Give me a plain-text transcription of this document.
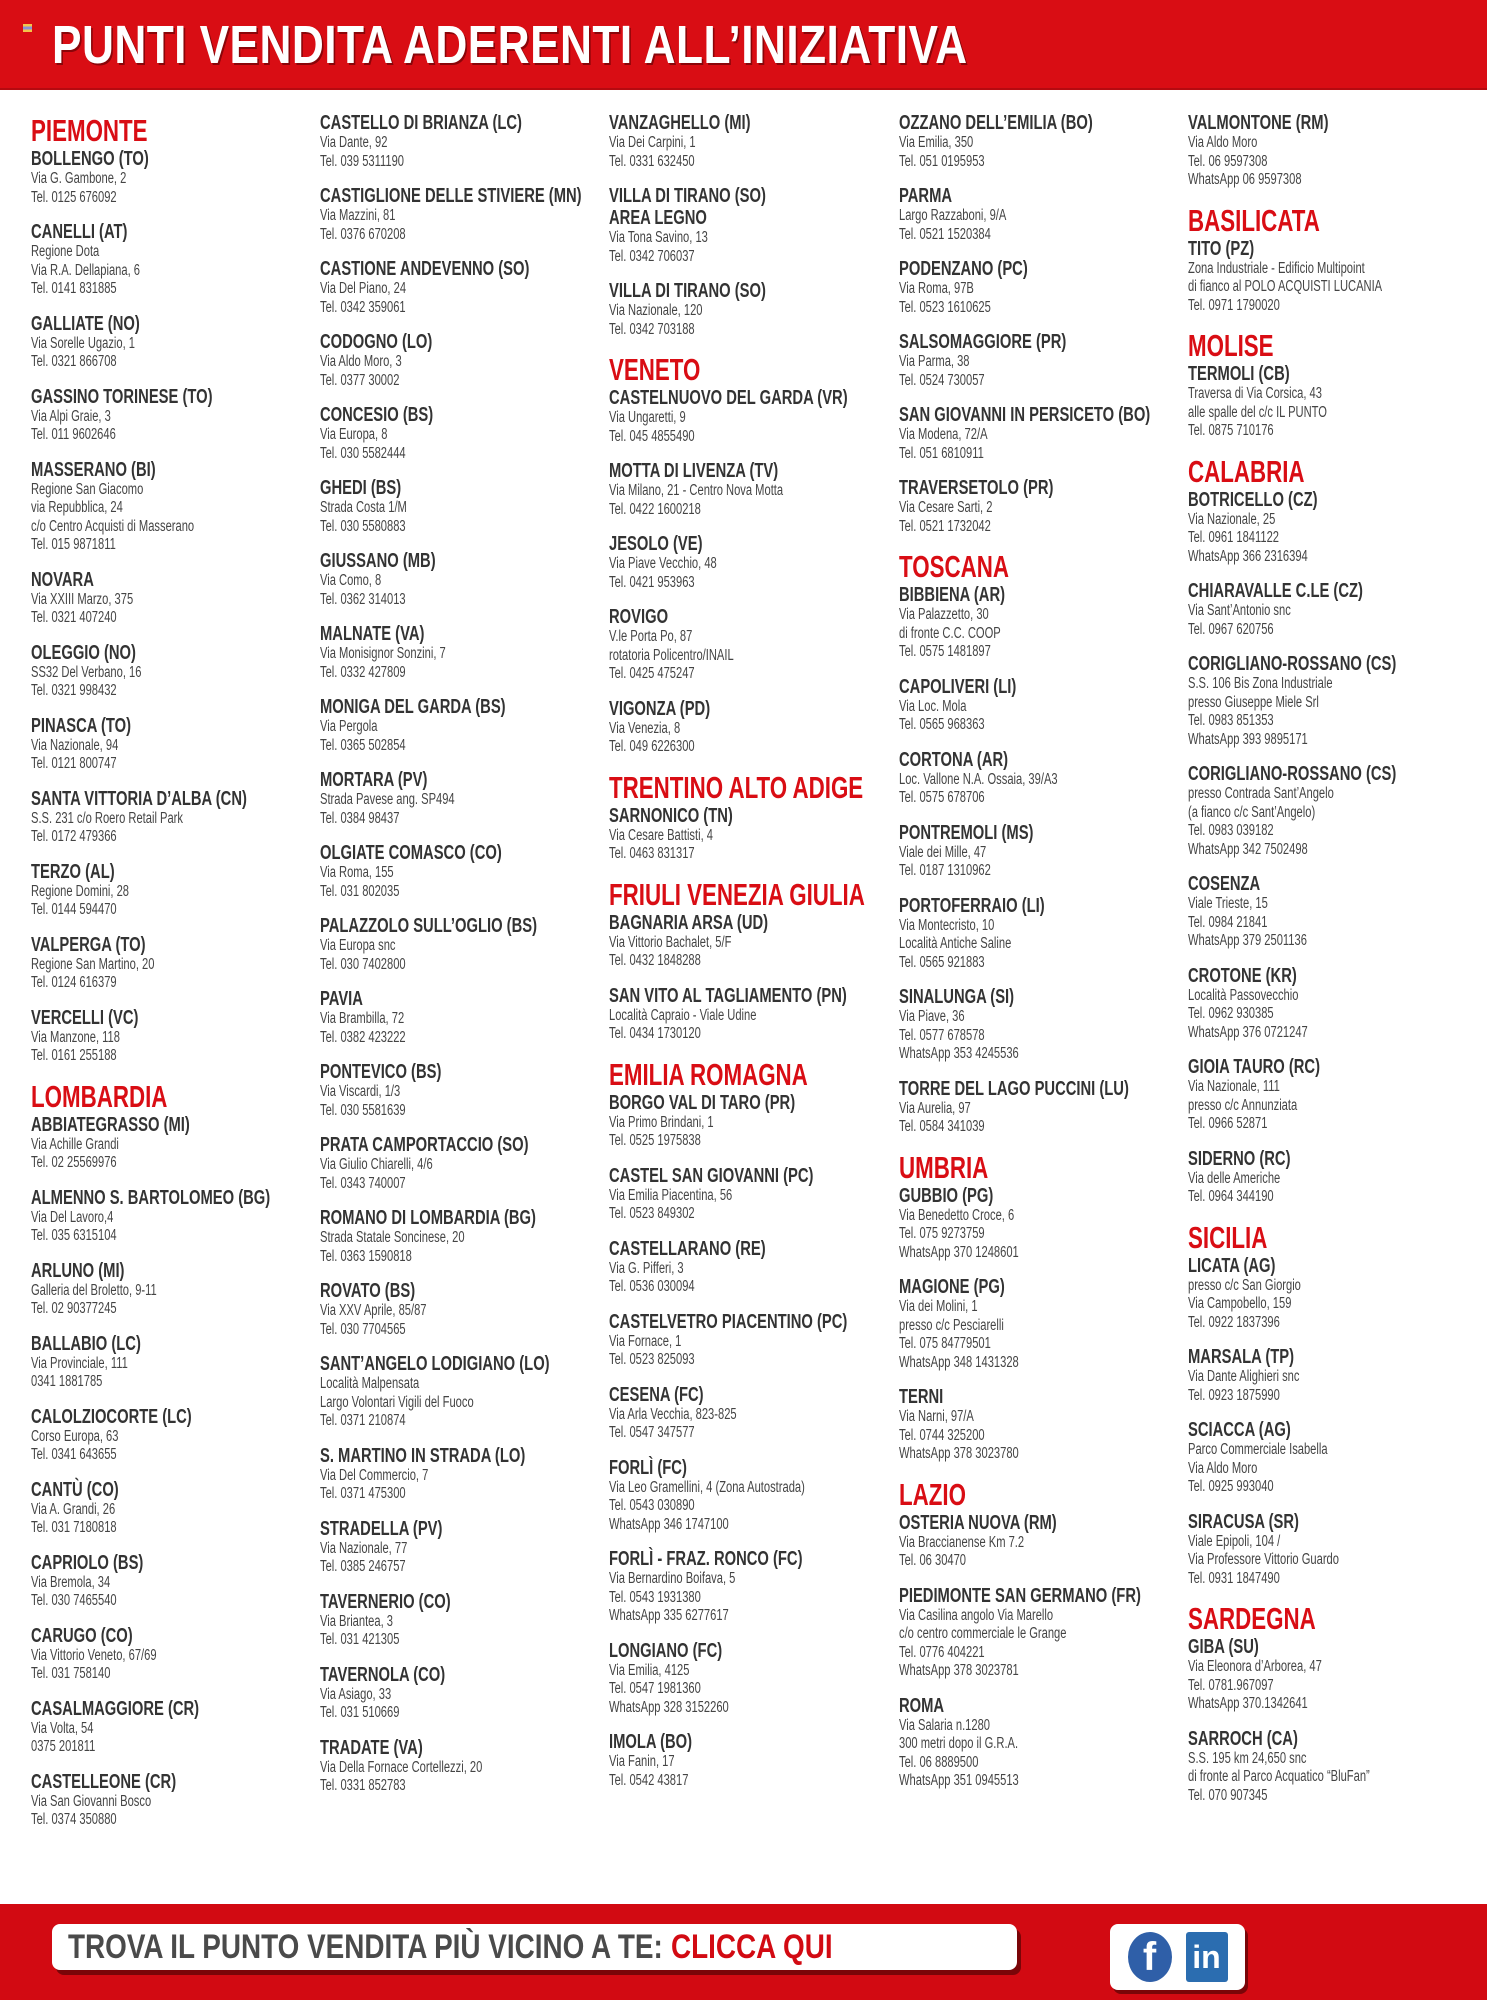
PUNTI VENDITA ADERENTI ALL’INIZIATIVA
PIEMONTE
BOLLENGO (TO)
Via G. Gambone, 2
Tel. 0125 676092
CANELLI (AT)
Regione Dota
Via R.A. Dellapiana, 6
Tel. 0141 831885
GALLIATE (NO)
Via Sorelle Ugazio, 1
Tel. 0321 866708
GASSINO TORINESE (TO)
Via Alpi Graie, 3
Tel. 011 9602646
MASSERANO (BI)
Regione San Giacomo
via Repubblica, 24
c/o Centro Acquisti di Masserano
Tel. 015 9871811
NOVARA
Via XXIII Marzo, 375
Tel. 0321 407240
OLEGGIO (NO)
SS32 Del Verbano, 16
Tel. 0321 998432
PINASCA (TO)
Via Nazionale, 94
Tel. 0121 800747
SANTA VITTORIA D’ALBA (CN)
S.S. 231 c/o Roero Retail Park
Tel. 0172 479366
TERZO (AL)
Regione Domini, 28
Tel. 0144 594470
VALPERGA (TO)
Regione San Martino, 20
Tel. 0124 616379
VERCELLI (VC)
Via Manzone, 118
Tel. 0161 255188
LOMBARDIA
ABBIATEGRASSO (MI)
Via Achille Grandi
Tel. 02 25569976
ALMENNO S. BARTOLOMEO (BG)
Via Del Lavoro,4
Tel. 035 6315104
ARLUNO (MI)
Galleria del Broletto, 9-11
Tel. 02 90377245
BALLABIO (LC)
Via Provinciale, 111
0341 1881785
CALOLZIOCORTE (LC)
Corso Europa, 63
Tel. 0341 643655
CANTÙ (CO)
Via A. Grandi, 26
Tel. 031 7180818
CAPRIOLO (BS)
Via Bremola, 34
Tel. 030 7465540
CARUGO (CO)
Via Vittorio Veneto, 67/69
Tel. 031 758140
CASALMAGGIORE (CR)
Via Volta, 54
0375 201811
CASTELLEONE (CR)
Via San Giovanni Bosco
Tel. 0374 350880
CASTELLO DI BRIANZA (LC)
Via Dante, 92
Tel. 039 5311190
CASTIGLIONE DELLE STIVIERE (MN)
Via Mazzini, 81
Tel. 0376 670208
CASTIONE ANDEVENNO (SO)
Via Del Piano, 24
Tel. 0342 359061
CODOGNO (LO)
Via Aldo Moro, 3
Tel. 0377 30002
CONCESIO (BS)
Via Europa, 8
Tel. 030 5582444
GHEDI (BS)
Strada Costa 1/M
Tel. 030 5580883
GIUSSANO (MB)
Via Como, 8
Tel. 0362 314013
MALNATE (VA)
Via Monisignor Sonzini, 7
Tel. 0332 427809
MONIGA DEL GARDA (BS)
Via Pergola
Tel. 0365 502854
MORTARA (PV)
Strada Pavese ang. SP494
Tel. 0384 98437
OLGIATE COMASCO (CO)
Via Roma, 155
Tel. 031 802035
PALAZZOLO SULL’OGLIO (BS)
Via Europa snc
Tel. 030 7402800
PAVIA
Via Brambilla, 72
Tel. 0382 423222
PONTEVICO (BS)
Via Viscardi, 1/3
Tel. 030 5581639
PRATA CAMPORTACCIO (SO)
Via Giulio Chiarelli, 4/6
Tel. 0343 740007
ROMANO DI LOMBARDIA (BG)
Strada Statale Soncinese, 20
Tel. 0363 1590818
ROVATO (BS)
Via XXV Aprile, 85/87
Tel. 030 7704565
SANT’ANGELO LODIGIANO (LO)
Località Malpensata
Largo Volontari Vigili del Fuoco
Tel. 0371 210874
S. MARTINO IN STRADA (LO)
Via Del Commercio, 7
Tel. 0371 475300
STRADELLA (PV)
Via Nazionale, 77
Tel. 0385 246757
TAVERNERIO (CO)
Via Briantea, 3
Tel. 031 421305
TAVERNOLA (CO)
Via Asiago, 33
Tel. 031 510669
TRADATE (VA)
Via Della Fornace Cortellezzi, 20
Tel. 0331 852783
VANZAGHELLO (MI)
Via Dei Carpini, 1
Tel. 0331 632450
VILLA DI TIRANO (SO)
AREA LEGNO
Via Tona Savino, 13
Tel. 0342 706037
VILLA DI TIRANO (SO)
Via Nazionale, 120
Tel. 0342 703188
VENETO
CASTELNUOVO DEL GARDA (VR)
Via Ungaretti, 9
Tel. 045 4855490
MOTTA DI LIVENZA (TV)
Via Milano, 21 - Centro Nova Motta
Tel. 0422 1600218
JESOLO (VE)
Via Piave Vecchio, 48
Tel. 0421 953963
ROVIGO
V.le Porta Po, 87
rotatoria Policentro/INAIL
Tel. 0425 475247
VIGONZA (PD)
Via Venezia, 8
Tel. 049 6226300
TRENTINO ALTO ADIGE
SARNONICO (TN)
Via Cesare Battisti, 4
Tel. 0463 831317
FRIULI VENEZIA GIULIA
BAGNARIA ARSA (UD)
Via Vittorio Bachalet, 5/F
Tel. 0432 1848288
SAN VITO AL TAGLIAMENTO (PN)
Località Capraio - Viale Udine
Tel. 0434 1730120
EMILIA ROMAGNA
BORGO VAL DI TARO (PR)
Via Primo Brindani, 1
Tel. 0525 1975838
CASTEL SAN GIOVANNI (PC)
Via Emilia Piacentina, 56
Tel. 0523 849302
CASTELLARANO (RE)
Via G. Pifferi, 3
Tel. 0536 030094
CASTELVETRO PIACENTINO (PC)
Via Fornace, 1
Tel. 0523 825093
CESENA (FC)
Via Arla Vecchia, 823-825
Tel. 0547 347577
FORLÌ (FC)
Via Leo Gramellini, 4 (Zona Autostrada)
Tel. 0543 030890
WhatsApp 346 1747100
FORLÌ - FRAZ. RONCO (FC)
Via Bernardino Boifava, 5
Tel. 0543 1931380
WhatsApp 335 6277617
LONGIANO (FC)
Via Emilia, 4125
Tel. 0547 1981360
WhatsApp 328 3152260
IMOLA (BO)
Via Fanin, 17
Tel. 0542 43817
OZZANO DELL’EMILIA (BO)
Via Emilia, 350
Tel. 051 0195953
PARMA
Largo Razzaboni, 9/A
Tel. 0521 1520384
PODENZANO (PC)
Via Roma, 97B
Tel. 0523 1610625
SALSOMAGGIORE (PR)
Via Parma, 38
Tel. 0524 730057
SAN GIOVANNI IN PERSICETO (BO)
Via Modena, 72/A
Tel. 051 6810911
TRAVERSETOLO (PR)
Via Cesare Sarti, 2
Tel. 0521 1732042
TOSCANA
BIBBIENA (AR)
Via Palazzetto, 30
di fronte C.C. COOP
Tel. 0575 1481897
CAPOLIVERI (LI)
Via Loc. Mola
Tel. 0565 968363
CORTONA (AR)
Loc. Vallone N.A. Ossaia, 39/A3
Tel. 0575 678706
PONTREMOLI (MS)
Viale dei Mille, 47
Tel. 0187 1310962
PORTOFERRAIO (LI)
Via Montecristo, 10
Località Antiche Saline
Tel. 0565 921883
SINALUNGA (SI)
Via Piave, 36
Tel. 0577 678578
WhatsApp 353 4245536
TORRE DEL LAGO PUCCINI (LU)
Via Aurelia, 97
Tel. 0584 341039
UMBRIA
GUBBIO (PG)
Via Benedetto Croce, 6
Tel. 075 9273759
WhatsApp 370 1248601
MAGIONE (PG)
Via dei Molini, 1
presso c/c Pesciarelli
Tel. 075 84779501
WhatsApp 348 1431328
TERNI
Via Narni, 97/A
Tel. 0744 325200
WhatsApp 378 3023780
LAZIO
OSTERIA NUOVA (RM)
Via Braccianense Km 7.2
Tel. 06 30470
PIEDIMONTE SAN GERMANO (FR)
Via Casilina angolo Via Marello
c/o centro commerciale le Grange
Tel. 0776 404221
WhatsApp 378 3023781
ROMA
Via Salaria n.1280
300 metri dopo il G.R.A.
Tel. 06 8889500
WhatsApp 351 0945513
VALMONTONE (RM)
Via Aldo Moro
Tel. 06 9597308
WhatsApp 06 9597308
BASILICATA
TITO (PZ)
Zona Industriale - Edificio Multipoint
di fianco al POLO ACQUISTI LUCANIA
Tel. 0971 1790020
MOLISE
TERMOLI (CB)
Traversa di Via Corsica, 43
alle spalle del c/c IL PUNTO
Tel. 0875 710176
CALABRIA
BOTRICELLO (CZ)
Via Nazionale, 25
Tel. 0961 1841122
WhatsApp 366 2316394
CHIARAVALLE C.LE (CZ)
Via Sant’Antonio snc
Tel. 0967 620756
CORIGLIANO-ROSSANO (CS)
S.S. 106 Bis Zona Industriale
presso Giuseppe Miele Srl
Tel. 0983 851353
WhatsApp 393 9895171
CORIGLIANO-ROSSANO (CS)
presso Contrada Sant’Angelo
(a fianco c/c Sant’Angelo)
Tel. 0983 039182
WhatsApp 342 7502498
COSENZA
Viale Trieste, 15
Tel. 0984 21841
WhatsApp 379 2501136
CROTONE (KR)
Località Passovecchio
Tel. 0962 930385
WhatsApp 376 0721247
GIOIA TAURO (RC)
Via Nazionale, 111
presso c/c Annunziata
Tel. 0966 52871
SIDERNO (RC)
Via delle Americhe
Tel. 0964 344190
SICILIA
LICATA (AG)
presso c/c San Giorgio
Via Campobello, 159
Tel. 0922 1837396
MARSALA (TP)
Via Dante Alighieri snc
Tel. 0923 1875990
SCIACCA (AG)
Parco Commerciale Isabella
Via Aldo Moro
Tel. 0925 993040
SIRACUSA (SR)
Viale Epipoli, 104 /
Via Professore Vittorio Guardo
Tel. 0931 1847490
SARDEGNA
GIBA (SU)
Via Eleonora d’Arborea, 47
Tel. 0781.967097
WhatsApp 370.1342641
SARROCH (CA)
S.S. 195 km 24,650 snc
di fronte al Parco Acquatico “BluFan”
Tel. 070 907345
TROVA IL PUNTO VENDITA PIÙ VICINO A TE: CLICCA QUI	f	in
